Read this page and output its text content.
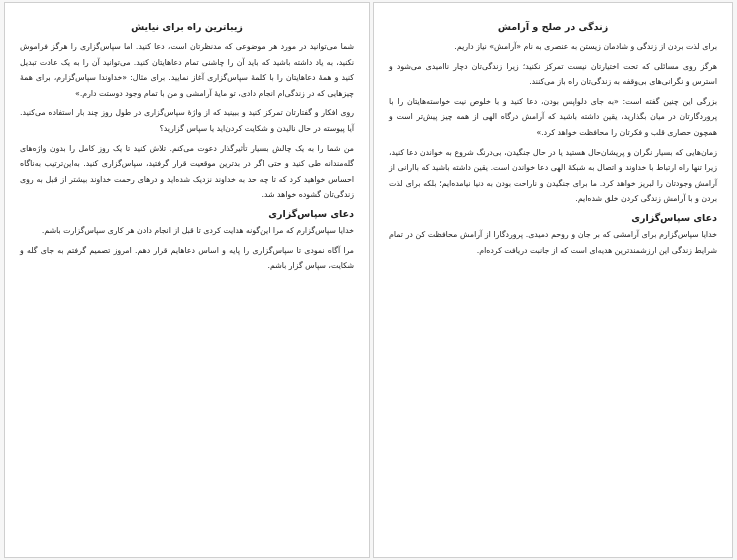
زندگی در صلح و آرامش

برای لذت بردن از زندگی و شادمان زیستن به عنصری به نام «آرامش» نیاز داریم.

هرگز روی مسائلی که تحت اختیارتان نیست تمرکز نکنید؛ زیرا زندگی‌تان دچار ناامیدی می‌شود و استرس و نگرانی‌های بی‌وقفه به زندگی‌تان راه باز می‌کنند.

بزرگی این چنین گفته است: «به جای دلواپس بودن، دعا کنید و با خلوص نیت خواسته‌هایتان را با پروردگارتان در میان بگذارید، یقین داشته باشید که آرامش درگاه الهی از همه چیز پیش‌تر است و همچون حصاری قلب و فکرتان را محافظت خواهد کرد.»

زمان‌هایی که بسیار نگران و پریشان‌حال هستید یا در حال جنگیدن، بی‌درنگ شروع به خواندن دعا کنید، زیرا تنها راه ارتباط با خداوند و اتصال به شبکهٔ الهی دعا خواندن است. یقین داشته باشید که باارانی از آرامش وجودتان را لبریز خواهد کرد. ما برای جنگیدن و ناراحت بودن به دنیا نیامده‌ایم؛ بلکه برای لذت بردن و با آرامش زندگی کردن خلق شده‌ایم.

دعای سپاس‌گزاری

خدایا سپاس‌گزارم برای آرامشی که بر جان و روحم دمیدی. پروردگارا از آرامش محافظت کن در تمام شرایط زندگی این ارزشمندترین هدیه‌ای است که از جانبت دریافت کرده‌ام.

زیباترین راه برای نیایش

شما می‌توانید در مورد هر موضوعی که مدنظرتان است، دعا کنید. اما سپاس‌گزاری را هرگز فراموش نکنید، به یاد داشته باشید که باید آن را چاشنی تمام دعاهایتان کنید. می‌توانید آن را به یک عادت تبدیل کنید و همهٔ دعاهایتان را با کلمهٔ سپاس‌گزاری آغاز نمایید. برای مثال: «خداوندا سپاس‌گزارم، برای همهٔ چیزهایی که در زندگی‌ام انجام دادی، تو مایهٔ آرامشی و من با تمام وجود دوستت دارم.»

روی افکار و گفتارتان تمرکز کنید و ببینید که از واژهٔ سپاس‌گزاری در طول روز چند بار استفاده می‌کنید. آیا پیوسته در حال نالیدن و شکایت کردن‌اید یا سپاس گزارید؟

من شما را به یک چالش بسیار تأثیرگذار دعوت می‌کنم. تلاش کنید تا یک روز کامل را بدون واژه‌های گله‌مندانه طی کنید و حتی اگر در بدترین موقعیت قرار گرفتید، سپاس‌گزاری کنید. به‌این‌ترتیب به‌ناگاه احساس خواهید کرد که تا چه حد به خداوند نزدیک شده‌اید و درهای رحمت خداوند بیشتر از قبل به روی زندگی‌تان گشوده خواهد شد.

دعای سپاس‌گزاری

خدایا سپاس‌گزارم که مرا این‌گونه هدایت کردی تا قبل از انجام دادن هر کاری سپاس‌گزارت باشم.

مرا آگاه نمودی تا سپاس‌گزاری را پایه و اساس دعاهایم قرار دهم. امروز تصمیم گرفتم به جای گله و شکایت، سپاس گزار باشم.
